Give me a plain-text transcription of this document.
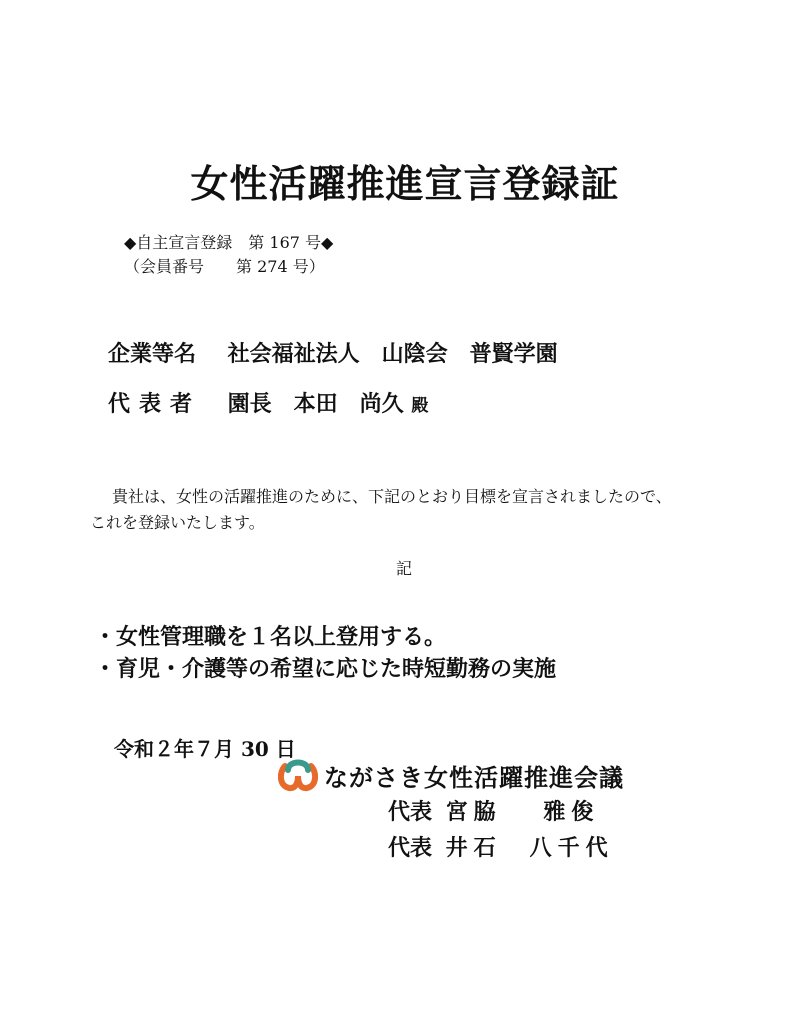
女性活躍推進宣言登録証
◆自主宣言登録　第 167 号◆
（会員番号　　第 274 号）
企業等名 社会福祉法人　山陰会　普賢学園
代表者 園長　本田　尚久 殿
貴社は、女性の活躍推進のために、下記のとおり目標を宣言されましたので、
これを登録いたします。
記
・女性管理職を１名以上登用する。
・育児・介護等の希望に応じた時短勤務の実施
令和２年７月 30 日
ながさき女性活躍推進会議
代表 宮脇　 雅俊
代表 井石　八千代
